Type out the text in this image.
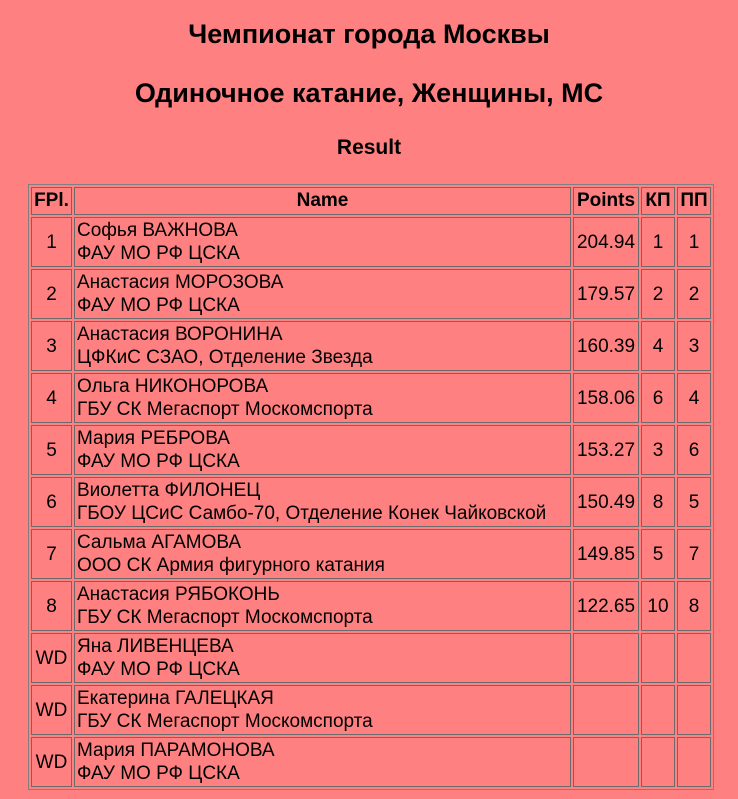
Чемпионат города Москвы
Одиночное катание, Женщины, МС
Result
FPl.	Name	Points	КП	ПП
1	Софья ВАЖНОВА
ФАУ МО РФ ЦСКА	204.94	1	1
2	Анастасия МОРОЗОВА
ФАУ МО РФ ЦСКА	179.57	2	2
3	Анастасия ВОРОНИНА
ЦФКиС СЗАО, Отделение Звезда	160.39	4	3
4	Ольга НИКОНОРОВА
ГБУ СК Мегаспорт Москомспорта	158.06	6	4
5	Мария РЕБРОВА
ФАУ МО РФ ЦСКА	153.27	3	6
6	Виолетта ФИЛОНЕЦ
ГБОУ ЦСиС Самбо-70, Отделение Конек Чайковской	150.49	8	5
7	Сальма АГАМОВА
ООО СК Армия фигурного катания	149.85	5	7
8	Анастасия РЯБОКОНЬ
ГБУ СК Мегаспорт Москомспорта	122.65	10	8
WD	Яна ЛИВЕНЦЕВА
ФАУ МО РФ ЦСКА			

WD	Екатерина ГАЛЕЦКАЯ
ГБУ СК Мегаспорт Москомспорта			

WD	Мария ПАРАМОНОВА
ФАУ МО РФ ЦСКА			
